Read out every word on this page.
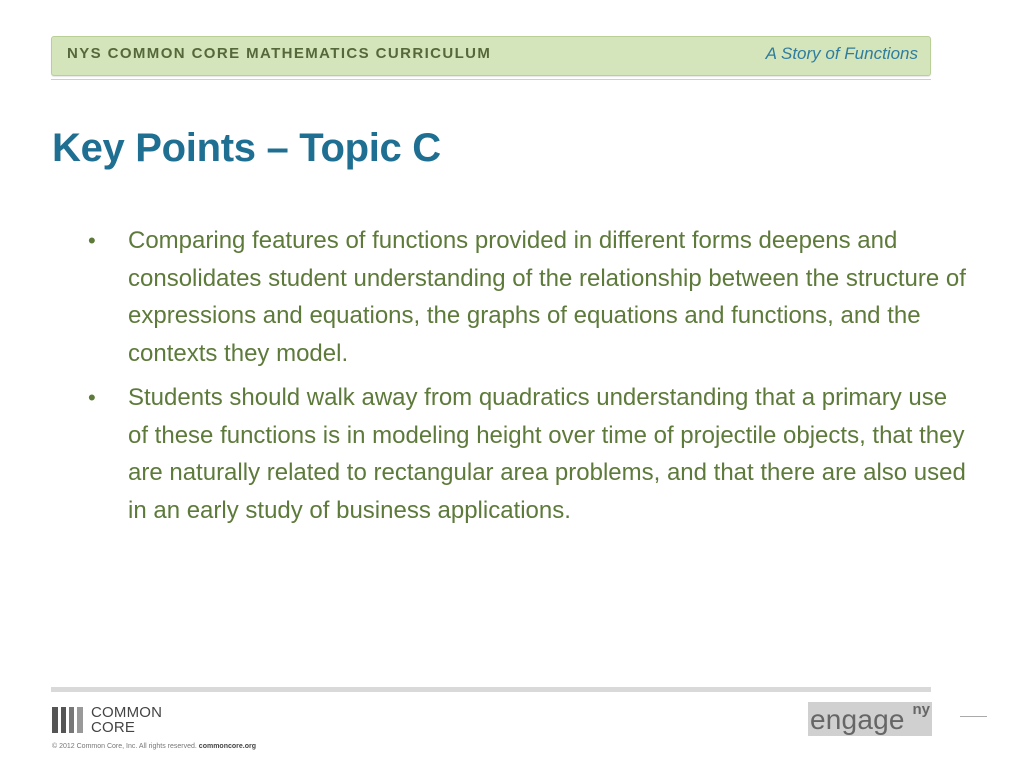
NYS COMMON CORE MATHEMATICS CURRICULUM	A Story of Functions
Key Points – Topic C
• Comparing features of functions provided in different forms deepens and consolidates student understanding of the relationship between the structure of expressions and equations, the graphs of equations and functions, and the contexts they model.
• Students should walk away from quadratics understanding that a primary use of these functions is in modeling height over time of projectile objects, that they are naturally related to rectangular area problems, and that there are also used in an early study of business applications.
COMMON
CORE
© 2012 Common Core, Inc. All rights reserved. commoncore.org
engage ny
